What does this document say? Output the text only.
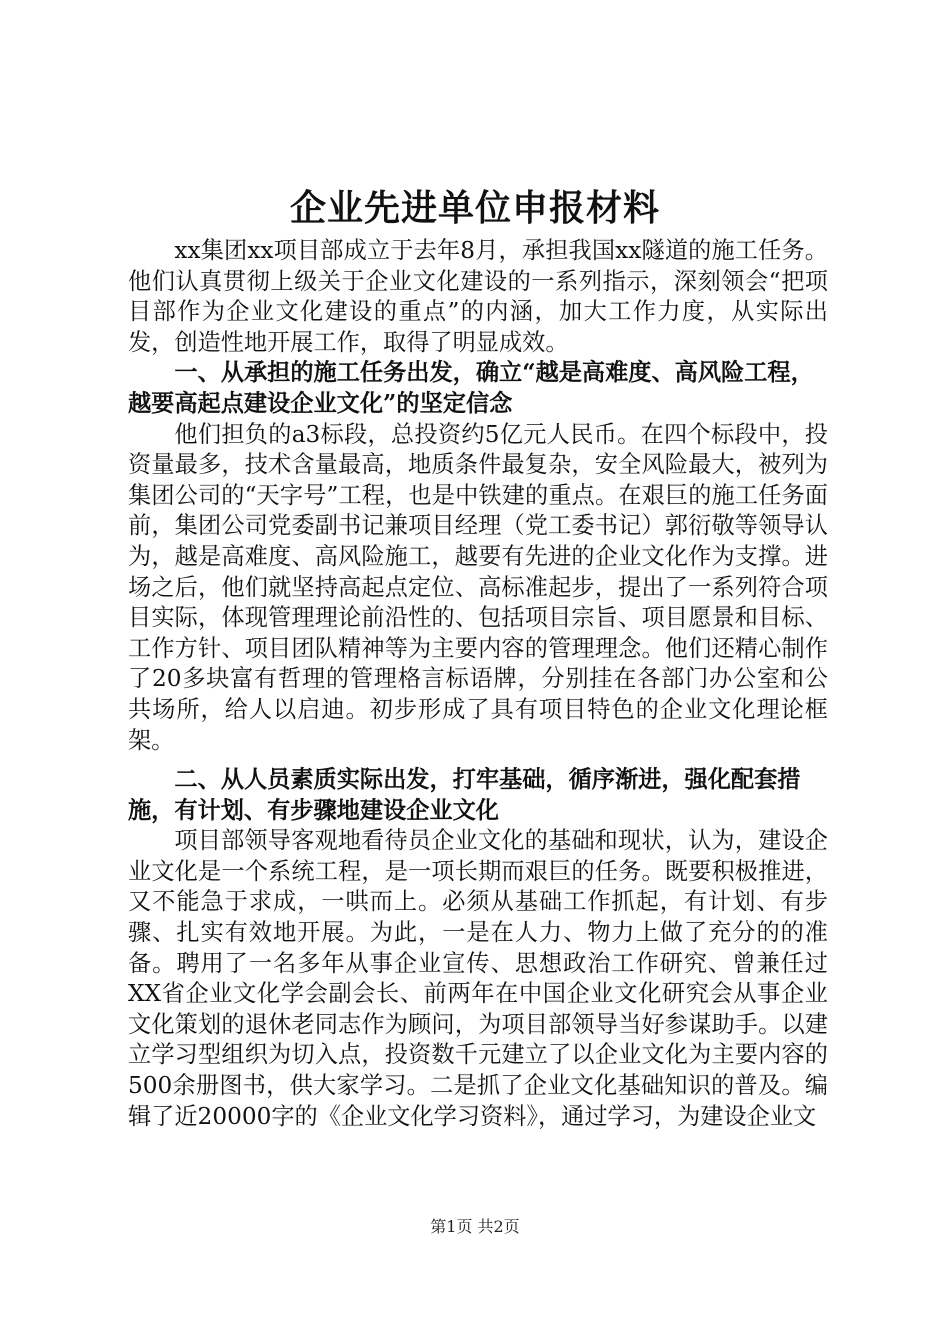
企业先进单位申报材料

xx集团xx项目部成立于去年8月，承担我国xx隧道的施工任务。他们认真贯彻上级关于企业文化建设的一系列指示，深刻领会“把项目部作为企业文化建设的重点”的内涵，加大工作力度，从实际出发，创造性地开展工作，取得了明显成效。

一、从承担的施工任务出发，确立“越是高难度、高风险工程，越要高起点建设企业文化”的坚定信念

他们担负的a3标段，总投资约5亿元人民币。在四个标段中，投资量最多，技术含量最高，地质条件最复杂，安全风险最大，被列为集团公司的“天字号”工程，也是中铁建的重点。在艰巨的施工任务面前，集团公司党委副书记兼项目经理（党工委书记）郭衍敬等领导认为，越是高难度、高风险施工，越要有先进的企业文化作为支撑。进场之后，他们就坚持高起点定位、高标准起步，提出了一系列符合项目实际，体现管理理论前沿性的、包括项目宗旨、项目愿景和目标、工作方针、项目团队精神等为主要内容的管理理念。他们还精心制作了20多块富有哲理的管理格言标语牌，分别挂在各部门办公室和公共场所，给人以启迪。初步形成了具有项目特色的企业文化理论框架。

二、从人员素质实际出发，打牢基础，循序渐进，强化配套措施，有计划、有步骤地建设企业文化

项目部领导客观地看待员企业文化的基础和现状，认为，建设企业文化是一个系统工程，是一项长期而艰巨的任务。既要积极推进，又不能急于求成，一哄而上。必须从基础工作抓起，有计划、有步骤、扎实有效地开展。为此，一是在人力、物力上做了充分的的准备。聘用了一名多年从事企业宣传、思想政治工作研究、曾兼任过XX省企业文化学会副会长、前两年在中国企业文化研究会从事企业文化策划的退休老同志作为顾问，为项目部领导当好参谋助手。以建立学习型组织为切入点，投资数千元建立了以企业文化为主要内容的500余册图书，供大家学习。二是抓了企业文化基础知识的普及。编辑了近20000字的《企业文化学习资料》，通过学习，为建设企业文

第1页 共2页
